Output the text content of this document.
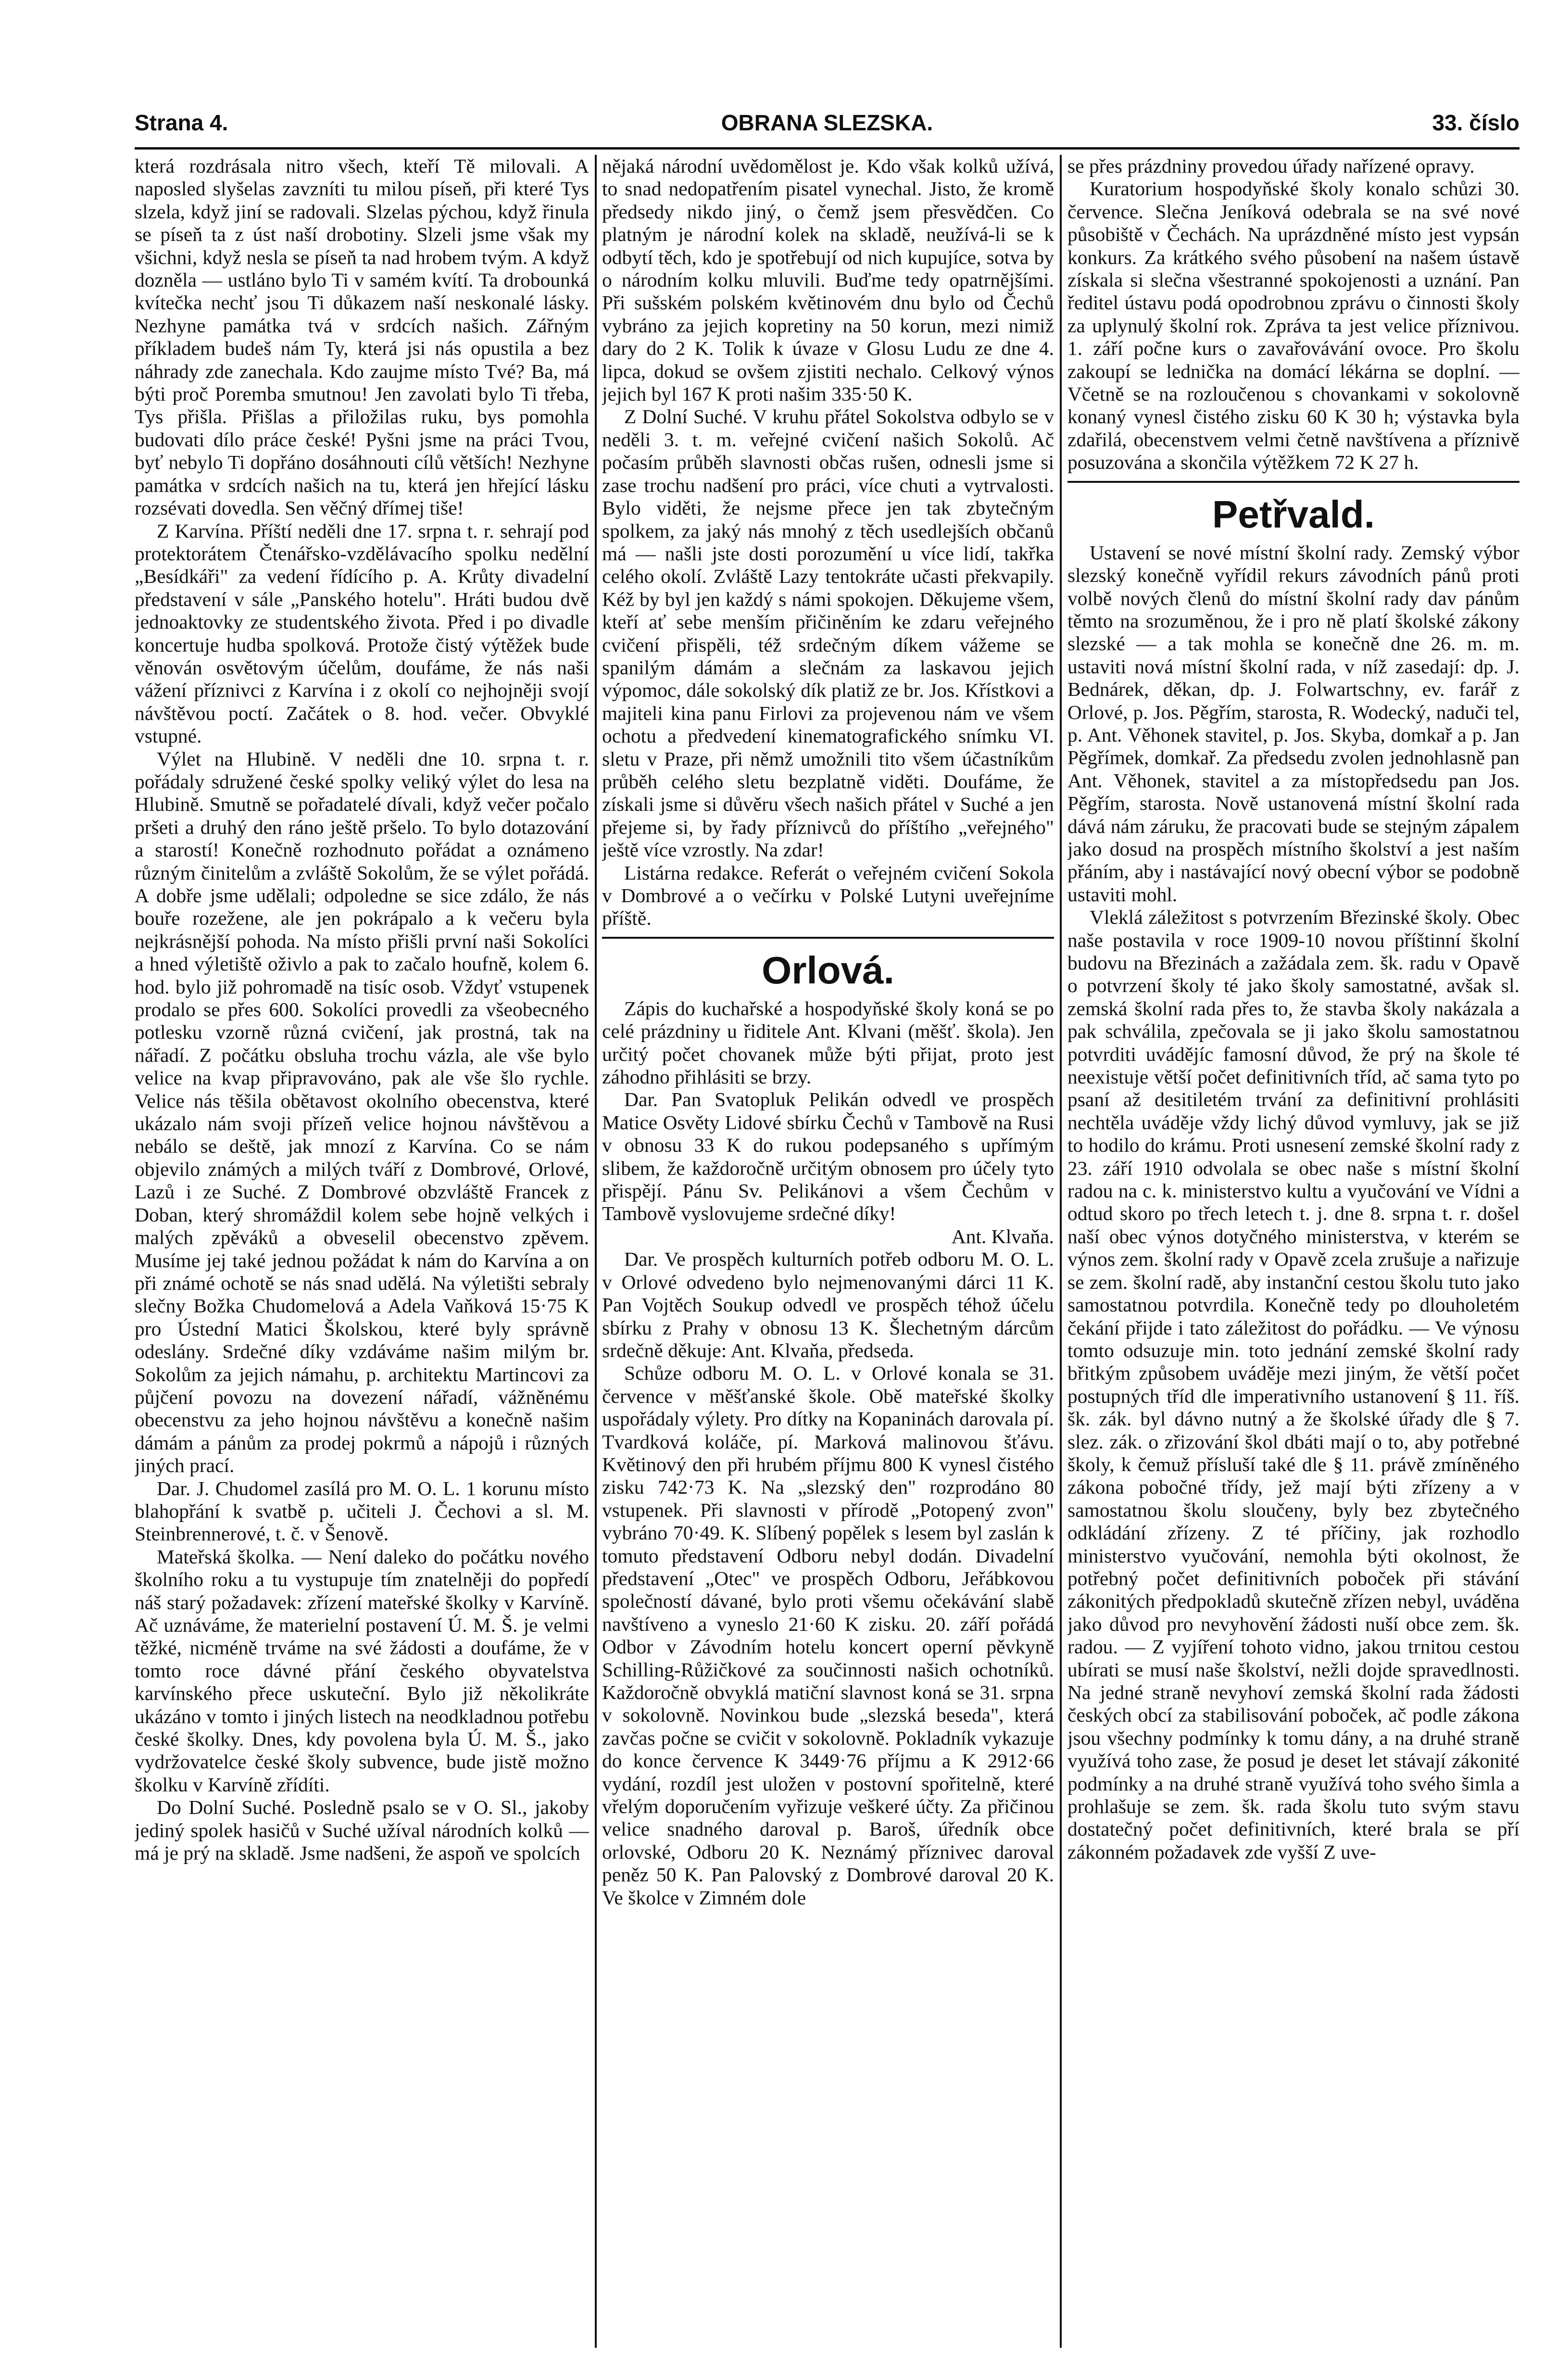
Strana 4.	OBRANA SLEZSKA.	33. číslo

která rozdrásala nitro všech, kteří Tě milovali. A naposled slyšelas zavzníti tu milou píseň, při které Tys slzela, když jiní se radovali. Slzelas pýchou, když řinula se píseň ta z úst naší drobotiny. Slzeli jsme však my všichni, když nesla se píseň ta nad hrobem tvým. A když dozněla — ustláno bylo Ti v samém kvítí. Ta drobounká kvítečka nechť jsou Ti důkazem naší neskonalé lásky. Nezhyne památka tvá v srdcích našich. Zářným příkladem budeš nám Ty, která jsi nás opustila a bez náhrady zde zanechala. Kdo zaujme místo Tvé? Ba, má býti proč Poremba smutnou! Jen zavolati bylo Ti třeba, Tys přišla. Přišlas a přiložilas ruku, bys pomohla budovati dílo práce české! Pyšni jsme na práci Tvou, byť nebylo Ti dopřáno dosáhnouti cílů větších! Nezhyne památka v srdcích našich na tu, která jen hřející lásku rozsévati dovedla. Sen věčný dřímej tiše!

Z Karvína. Příští neděli dne 17. srpna t. r. sehrají pod protektorátem Čtenářsko-vzdělávacího spolku nedělní „Besídkáři" za vedení řídícího p. A. Krůty divadelní představení v sále „Panského hotelu". Hráti budou dvě jednoaktovky ze studentského života. Před i po divadle koncertuje hudba spolková. Protože čistý výtěžek bude věnován osvětovým účelům, doufáme, že nás naši vážení příznivci z Karvína i z okolí co nejhojněji svojí návštěvou poctí. Začátek o 8. hod. večer. Obvyklé vstupné.

Výlet na Hlubině. V neděli dne 10. srpna t. r. pořádaly sdružené české spolky veliký výlet do lesa na Hlubině. Smutně se pořadatelé dívali, když večer počalo pršeti a druhý den ráno ještě pršelo. To bylo dotazování a starostí! Konečně rozhodnuto pořádat a oznámeno různým činitelům a zvláště Sokolům, že se výlet pořádá. A dobře jsme udělali; odpoledne se sice zdálo, že nás bouře rozežene, ale jen pokrápalo a k večeru byla nejkrásnější pohoda. Na místo přišli první naši Sokolíci a hned výletiště oživlo a pak to začalo houfně, kolem 6. hod. bylo již pohromadě na tisíc osob. Vždyť vstupenek prodalo se přes 600. Sokolíci provedli za všeobecného potlesku vzorně různá cvičení, jak prostná, tak na nářadí. Z počátku obsluha trochu vázla, ale vše bylo velice na kvap připravováno, pak ale vše šlo rychle. Velice nás těšila obětavost okolního obecenstva, které ukázalo nám svoji přízeň velice hojnou návštěvou a nebálo se deště, jak mnozí z Karvína. Co se nám objevilo známých a milých tváří z Dombrové, Orlové, Lazů i ze Suché. Z Dombrové obzvláště Francek z Doban, který shromáždil kolem sebe hojně velkých i malých zpěváků a obveselil obecenstvo zpěvem. Musíme jej také jednou požádat k nám do Karvína a on při známé ochotě se nás snad udělá. Na výletišti sebraly slečny Božka Chudomelová a Adela Vaňková 15·75 K pro Ústední Matici Školskou, které byly správně odeslány. Srdečné díky vzdáváme našim milým br. Sokolům za jejich námahu, p. architektu Martincovi za půjčení povozu na dovezení nářadí, vážněnému obecenstvu za jeho hojnou návštěvu a konečně našim dámám a pánům za prodej pokrmů a nápojů i různých jiných prací.

Dar. J. Chudomel zasílá pro M. O. L. 1 korunu místo blahopřání k svatbě p. učiteli J. Čechovi a sl. M. Steinbrennerové, t. č. v Šenově.

Mateřská školka. — Není daleko do počátku nového školního roku a tu vystupuje tím znatelněji do popředí náš starý požadavek: zřízení mateřské školky v Karvíně. Ač uznáváme, že materielní postavení Ú. M. Š. je velmi těžké, nicméně trváme na své žádosti a doufáme, že v tomto roce dávné přání českého obyvatelstva karvínského přece uskuteční. Bylo již několikráte ukázáno v tomto i jiných listech na neodkladnou potřebu české školky. Dnes, kdy povolena byla Ú. M. Š., jako vydržovatelce české školy subvence, bude jistě možno školku v Karvíně zřídíti.

Do Dolní Suché. Posledně psalo se v O. Sl., jakoby jediný spolek hasičů v Suché užíval národních kolků — má je prý na skladě. Jsme nadšeni, že aspoň ve spolcích

nějaká národní uvědomělost je. Kdo však kolků užívá, to snad nedopatřením pisatel vynechal. Jisto, že kromě předsedy nikdo jiný, o čemž jsem přesvědčen. Co platným je národní kolek na skladě, neužívá-li se k odbytí těch, kdo je spotřebují od nich kupujíce, sotva by o národním kolku mluvili. Buďme tedy opatrnějšími. Při sušském polském květinovém dnu bylo od Čechů vybráno za jejich kopretiny na 50 korun, mezi nimiž dary do 2 K. Tolik k úvaze v Glosu Ludu ze dne 4. lipca, dokud se ovšem zjistiti nechalo. Celkový výnos jejich byl 167 K proti našim 335·50 K.

Z Dolní Suché. V kruhu přátel Sokolstva odbylo se v neděli 3. t. m. veřejné cvičení našich Sokolů. Ač počasím průběh slavnosti občas rušen, odnesli jsme si zase trochu nadšení pro práci, více chuti a vytrvalosti. Bylo viděti, že nejsme přece jen tak zbytečným spolkem, za jaký nás mnohý z těch usedlejších občanů má — našli jste dosti porozumění u více lidí, takřka celého okolí. Zvláště Lazy tentokráte učasti překvapily. Kéž by byl jen každý s námi spokojen. Děkujeme všem, kteří ať sebe menším přičiněním ke zdaru veřejného cvičení přispěli, též srdečným díkem vážeme se spanilým dámám a slečnám za laskavou jejich výpomoc, dále sokolský dík platiž ze br. Jos. Křístkovi a majiteli kina panu Firlovi za projevenou nám ve všem ochotu a předvedení kinematografického snímku VI. sletu v Praze, při němž umožnili tito všem účastníkům průběh celého sletu bezplatně viděti. Doufáme, že získali jsme si důvěru všech našich přátel v Suché a jen přejeme si, by řady příznivců do příštího „veřejného" ještě více vzrostly. Na zdar!

Listárna redakce. Referát o veřejném cvičení Sokola v Dombrové a o večírku v Polské Lutyni uveřejníme příště.

Orlová.

Zápis do kuchařské a hospodyňské školy koná se po celé prázdniny u řiditele Ant. Klvani (měšť. škola). Jen určitý počet chovanek může býti přijat, proto jest záhodno přihlásiti se brzy.

Dar. Pan Svatopluk Pelikán odvedl ve prospěch Matice Osvěty Lidové sbírku Čechů v Tambově na Rusi v obnosu 33 K do rukou podepsaného s upřímým slibem, že každoročně určitým obnosem pro účely tyto přispějí. Pánu Sv. Pelikánovi a všem Čechům v Tambově vyslovujeme srdečné díky!

Ant. Klvaňa.

Dar. Ve prospěch kulturních potřeb odboru M. O. L. v Orlové odvedeno bylo nejmenovanými dárci 11 K. Pan Vojtěch Soukup odvedl ve prospěch téhož účelu sbírku z Prahy v obnosu 13 K. Šlechetným dárcům srdečně děkuje: Ant. Klvaňa, předseda.

Schůze odboru M. O. L. v Orlové konala se 31. července v měšťanské škole. Obě mateřské školky uspořádaly výlety. Pro dítky na Kopaninách darovala pí. Tvardková koláče, pí. Marková malinovou šťávu. Květinový den při hrubém příjmu 800 K vynesl čistého zisku 742·73 K. Na „slezský den" rozprodáno 80 vstupenek. Při slavnosti v přírodě „Potopený zvon" vybráno 70·49. K. Slíbený popělek s lesem byl zaslán k tomuto představení Odboru nebyl dodán. Divadelní představení „Otec" ve prospěch Odboru, Jeřábkovou společností dávané, bylo proti všemu očekávání slabě navštíveno a vyneslo 21·60 K zisku. 20. září pořádá Odbor v Závodním hotelu koncert operní pěvkyně Schilling-Růžičkové za součinnosti našich ochotníků. Každoročně obvyklá matiční slavnost koná se 31. srpna v sokolovně. Novinkou bude „slezská beseda", která zavčas počne se cvičit v sokolovně. Pokladník vykazuje do konce července K 3449·76 příjmu a K 2912·66 vydání, rozdíl jest uložen v postovní spořitelně, které vřelým doporučením vyřizuje veškeré účty. Za přičinou velice snadného daroval p. Baroš, úředník obce orlovské, Odboru 20 K. Neznámý příznivec daroval peněz 50 K. Pan Palovský z Dombrové daroval 20 K. Ve školce v Zimném dole

se přes prázdniny provedou úřady nařízené opravy.

Kuratorium hospodyňské školy konalo schůzi 30. července. Slečna Jeníková odebrala se na své nové působiště v Čechách. Na uprázdněné místo jest vypsán konkurs. Za krátkého svého působení na našem ústavě získala si slečna všestranné spokojenosti a uznání. Pan ředitel ústavu podá opodrobnou zprávu o činnosti školy za uplynulý školní rok. Zpráva ta jest velice příznivou. 1. září počne kurs o zavařovávání ovoce. Pro školu zakoupí se lednička na domácí lékárna se doplní. — Včetně se na rozloučenou s chovankami v sokolovně konaný vynesl čistého zisku 60 K 30 h; výstavka byla zdařilá, obecenstvem velmi četně navštívena a příznivě posuzována a skončila výtěžkem 72 K 27 h.

Petřvald.

Ustavení se nové místní školní rady. Zemský výbor slezský konečně vyřídil rekurs závodních pánů proti volbě nových členů do místní školní rady dav pánům těmto na srozuměnou, že i pro ně platí školské zákony slezské — a tak mohla se konečně dne 26. m. m. ustaviti nová místní školní rada, v níž zasedají: dp. J. Bednárek, děkan, dp. J. Folwartschny, ev. farář z Orlové, p. Jos. Pěgřím, starosta, R. Wodecký, naduči tel, p. Ant. Věhonek stavitel, p. Jos. Skyba, domkař a p. Jan Pěgřímek, domkař. Za předsedu zvolen jednohlasně pan Ant. Věhonek, stavitel a za místopředsedu pan Jos. Pěgřím, starosta. Nově ustanovená místní školní rada dává nám záruku, že pracovati bude se stejným zápalem jako dosud na prospěch místního školství a jest naším přáním, aby i nastávající nový obecní výbor se podobně ustaviti mohl.

Vleklá záležitost s potvrzením Březinské školy. Obec naše postavila v roce 1909-10 novou příštinní školní budovu na Březinách a zažádala zem. šk. radu v Opavě o potvrzení školy té jako školy samostatné, avšak sl. zemská školní rada přes to, že stavba školy nakázala a pak schválila, zpečovala se ji jako školu samostatnou potvrditi uvádějíc famosní důvod, že prý na škole té neexistuje větší počet definitivních tříd, ač sama tyto po psaní až desitiletém trvání za definitivní prohlásiti nechtěla uváděje vždy lichý důvod vymluvy, jak se již to hodilo do krámu. Proti usnesení zemské školní rady z 23. září 1910 odvolala se obec naše s místní školní radou na c. k. ministerstvo kultu a vyučování ve Vídni a odtud skoro po třech letech t. j. dne 8. srpna t. r. došel naší obec výnos dotyčného ministerstva, v kterém se výnos zem. školní rady v Opavě zcela zrušuje a nařizuje se zem. školní radě, aby instanční cestou školu tuto jako samostatnou potvrdila. Konečně tedy po dlouholetém čekání přijde i tato záležitost do pořádku. — Ve výnosu tomto odsuzuje min. toto jednání zemské školní rady břitkým způsobem uváděje mezi jiným, že větší počet postupných tříd dle imperativního ustanovení § 11. říš. šk. zák. byl dávno nutný a že školské úřady dle § 7. slez. zák. o zřizování škol dbáti mají o to, aby potřebné školy, k čemuž přísluší také dle § 11. právě zmíněného zákona pobočné třídy, jež mají býti zřízeny a v samostatnou školu sloučeny, byly bez zbytečného odkládání zřízeny. Z té příčiny, jak rozhodlo ministerstvo vyučování, nemohla býti okolnost, že potřebný počet definitivních poboček při stávání zákonitých předpokladů skutečně zřízen nebyl, uváděna jako důvod pro nevyhovění žádosti nuší obce zem. šk. radou. — Z vyjíření tohoto vidno, jakou trnitou cestou ubírati se musí naše školství, nežli dojde spravedlnosti. Na jedné straně nevyhoví zemská školní rada žádosti českých obcí za stabilisování poboček, ač podle zákona jsou všechny podmínky k tomu dány, a na druhé straně využívá toho zase, že posud je deset let stávají zákonité podmínky a na druhé straně využívá toho svého šimla a prohlašuje se zem. šk. rada školu tuto svým stavu dostatečný počet definitivních, které brala se pří zákonném požadavek zde vyšší Z uve-
